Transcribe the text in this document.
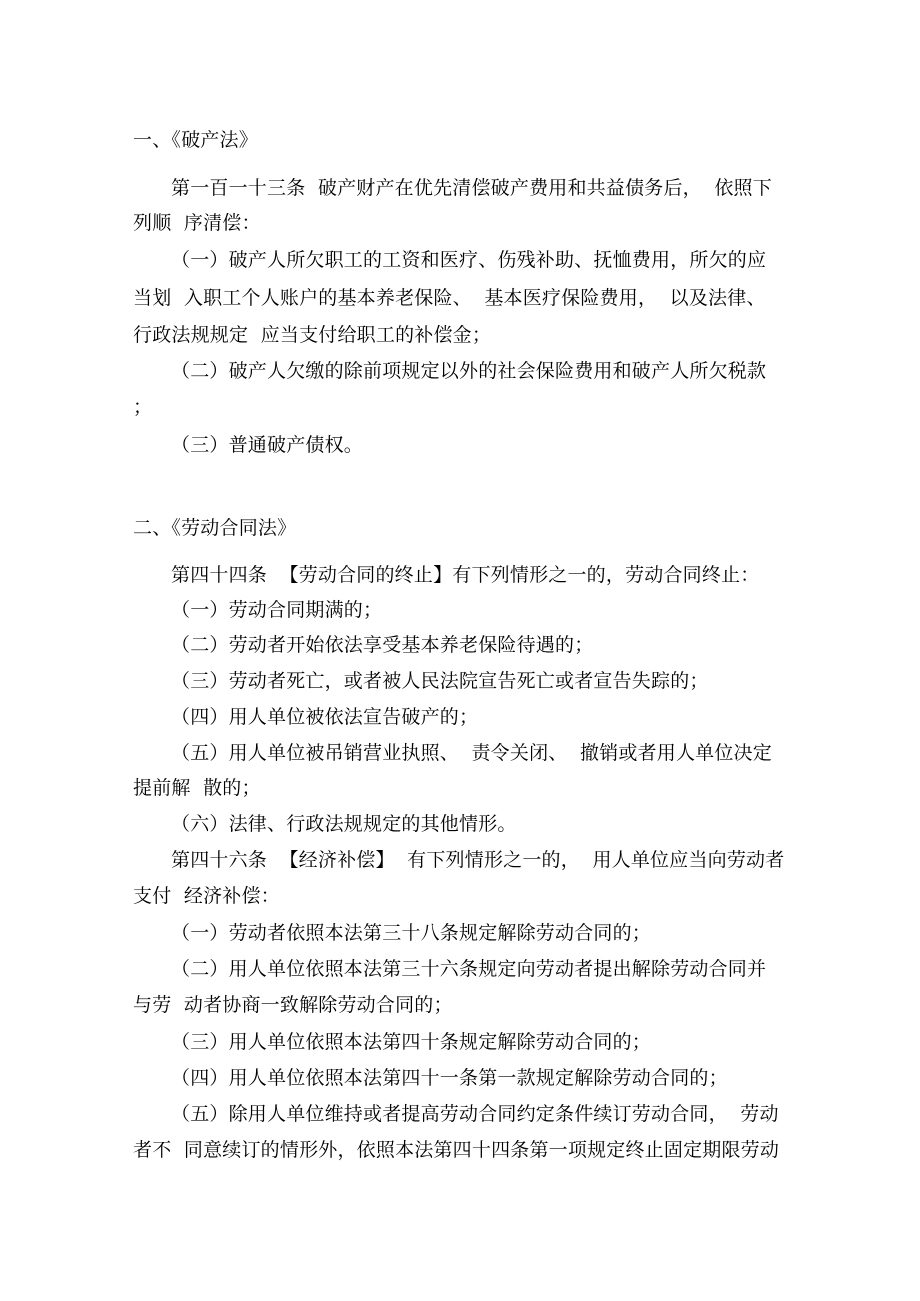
一、《破产法》
第一百一十三条  破产财产在优先清偿破产费用和共益债务后，  依照下
列顺  序清偿：
（一）破产人所欠职工的工资和医疗、伤残补助、抚恤费用，所欠的应
当划  入职工个人账户的基本养老保险、  基本医疗保险费用，  以及法律、
行政法规规定  应当支付给职工的补偿金；
（二）破产人欠缴的除前项规定以外的社会保险费用和破产人所欠税款
；
（三）普通破产债权。
二、《劳动合同法》
第四十四条  【劳动合同的终止】有下列情形之一的，劳动合同终止：
（一）劳动合同期满的；
（二）劳动者开始依法享受基本养老保险待遇的；
（三）劳动者死亡，或者被人民法院宣告死亡或者宣告失踪的；
（四）用人单位被依法宣告破产的；
（五）用人单位被吊销营业执照、  责令关闭、  撤销或者用人单位决定
提前解  散的；
（六）法律、行政法规规定的其他情形。
第四十六条  【经济补偿】  有下列情形之一的，  用人单位应当向劳动者
支付  经济补偿：
（一）劳动者依照本法第三十八条规定解除劳动合同的；
（二）用人单位依照本法第三十六条规定向劳动者提出解除劳动合同并
与劳  动者协商一致解除劳动合同的；
（三）用人单位依照本法第四十条规定解除劳动合同的；
（四）用人单位依照本法第四十一条第一款规定解除劳动合同的；
（五）除用人单位维持或者提高劳动合同约定条件续订劳动合同，  劳动
者不  同意续订的情形外，依照本法第四十四条第一项规定终止固定期限劳动
